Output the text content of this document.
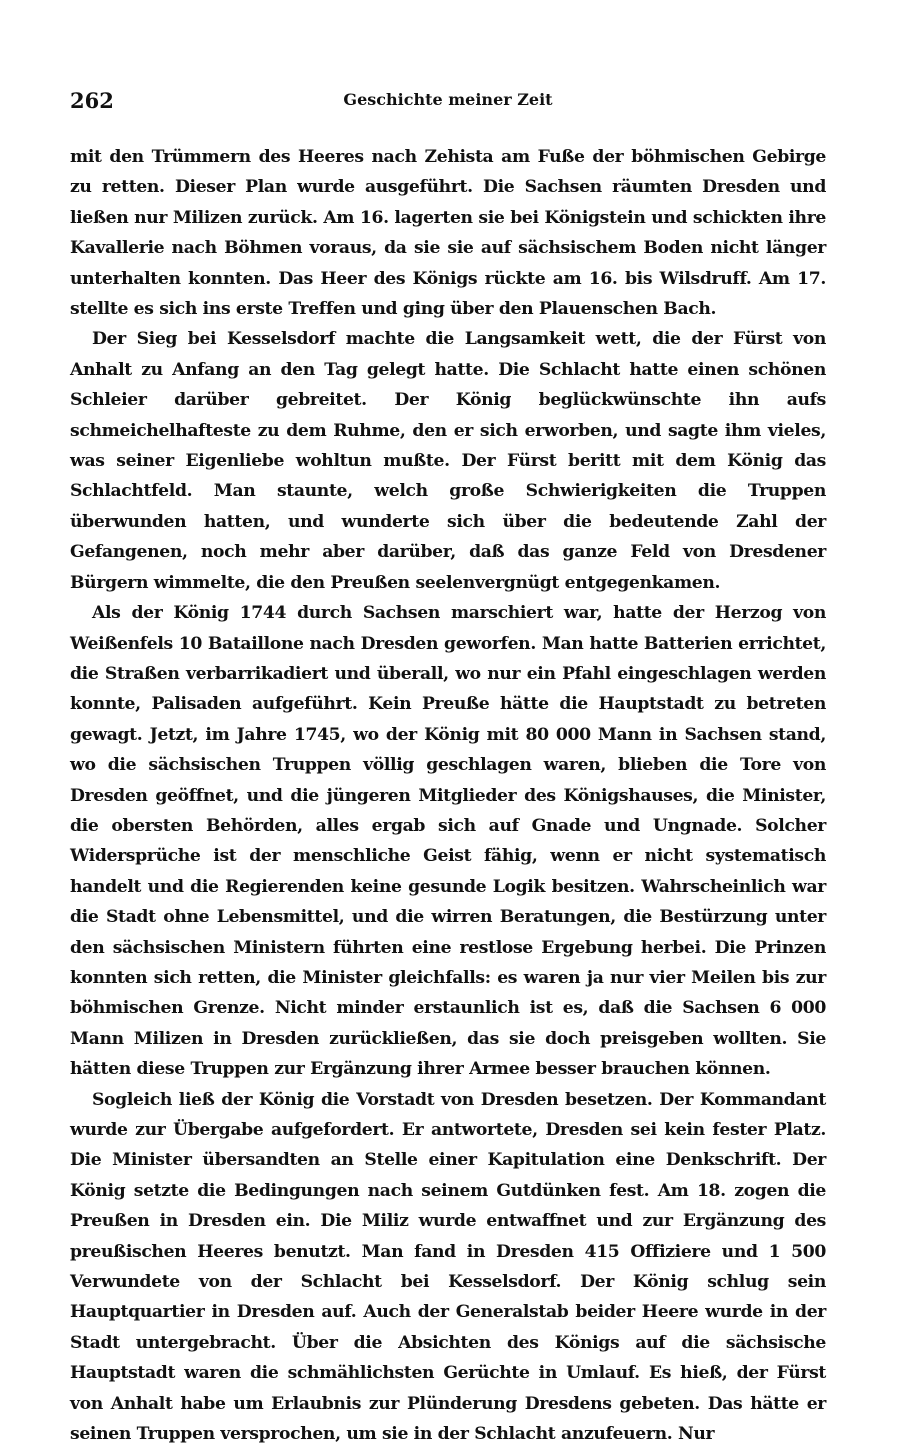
262	Geschichte meiner Zeit

mit den Trümmern des Heeres nach Zehista am Fuße der böhmischen Gebirge zu retten. Dieser Plan wurde ausgeführt. Die Sachsen räumten Dresden und ließen nur Milizen zurück. Am 16. lagerten sie bei Königstein und schickten ihre Kavallerie nach Böhmen voraus, da sie sie auf sächsischem Boden nicht länger unterhalten konnten. Das Heer des Königs rückte am 16. bis Wilsdruff. Am 17. stellte es sich ins erste Treffen und ging über den Plauenschen Bach.

Der Sieg bei Kesselsdorf machte die Langsamkeit wett, die der Fürst von Anhalt zu Anfang an den Tag gelegt hatte. Die Schlacht hatte einen schönen Schleier darüber gebreitet. Der König beglückwünschte ihn aufs schmeichelhafteste zu dem Ruhme, den er sich erworben, und sagte ihm vieles, was seiner Eigenliebe wohltun mußte. Der Fürst beritt mit dem König das Schlachtfeld. Man staunte, welch große Schwierigkeiten die Truppen überwunden hatten, und wunderte sich über die bedeutende Zahl der Gefangenen, noch mehr aber darüber, daß das ganze Feld von Dresdener Bürgern wimmelte, die den Preußen seelenvergnügt entgegenkamen.

Als der König 1744 durch Sachsen marschiert war, hatte der Herzog von Weißenfels 10 Bataillone nach Dresden geworfen. Man hatte Batterien errichtet, die Straßen verbarrikadiert und überall, wo nur ein Pfahl eingeschlagen werden konnte, Palisaden aufgeführt. Kein Preuße hätte die Hauptstadt zu betreten gewagt. Jetzt, im Jahre 1745, wo der König mit 80 000 Mann in Sachsen stand, wo die sächsischen Truppen völlig geschlagen waren, blieben die Tore von Dresden geöffnet, und die jüngeren Mitglieder des Königshauses, die Minister, die obersten Behörden, alles ergab sich auf Gnade und Ungnade. Solcher Widersprüche ist der menschliche Geist fähig, wenn er nicht systematisch handelt und die Regierenden keine gesunde Logik besitzen. Wahrscheinlich war die Stadt ohne Lebensmittel, und die wirren Beratungen, die Bestürzung unter den sächsischen Ministern führten eine restlose Ergebung herbei. Die Prinzen konnten sich retten, die Minister gleichfalls: es waren ja nur vier Meilen bis zur böhmischen Grenze. Nicht minder erstaunlich ist es, daß die Sachsen 6 000 Mann Milizen in Dresden zurückließen, das sie doch preisgeben wollten. Sie hätten diese Truppen zur Ergänzung ihrer Armee besser brauchen können.

Sogleich ließ der König die Vorstadt von Dresden besetzen. Der Kommandant wurde zur Übergabe aufgefordert. Er antwortete, Dresden sei kein fester Platz. Die Minister übersandten an Stelle einer Kapitulation eine Denkschrift. Der König setzte die Bedingungen nach seinem Gutdünken fest. Am 18. zogen die Preußen in Dresden ein. Die Miliz wurde entwaffnet und zur Ergänzung des preußischen Heeres benutzt. Man fand in Dresden 415 Offiziere und 1 500 Verwundete von der Schlacht bei Kesselsdorf. Der König schlug sein Hauptquartier in Dresden auf. Auch der Generalstab beider Heere wurde in der Stadt untergebracht. Über die Absichten des Königs auf die sächsische Hauptstadt waren die schmählichsten Gerüchte in Umlauf. Es hieß, der Fürst von Anhalt habe um Erlaubnis zur Plünderung Dresdens gebeten. Das hätte er seinen Truppen versprochen, um sie in der Schlacht anzufeuern. Nur
